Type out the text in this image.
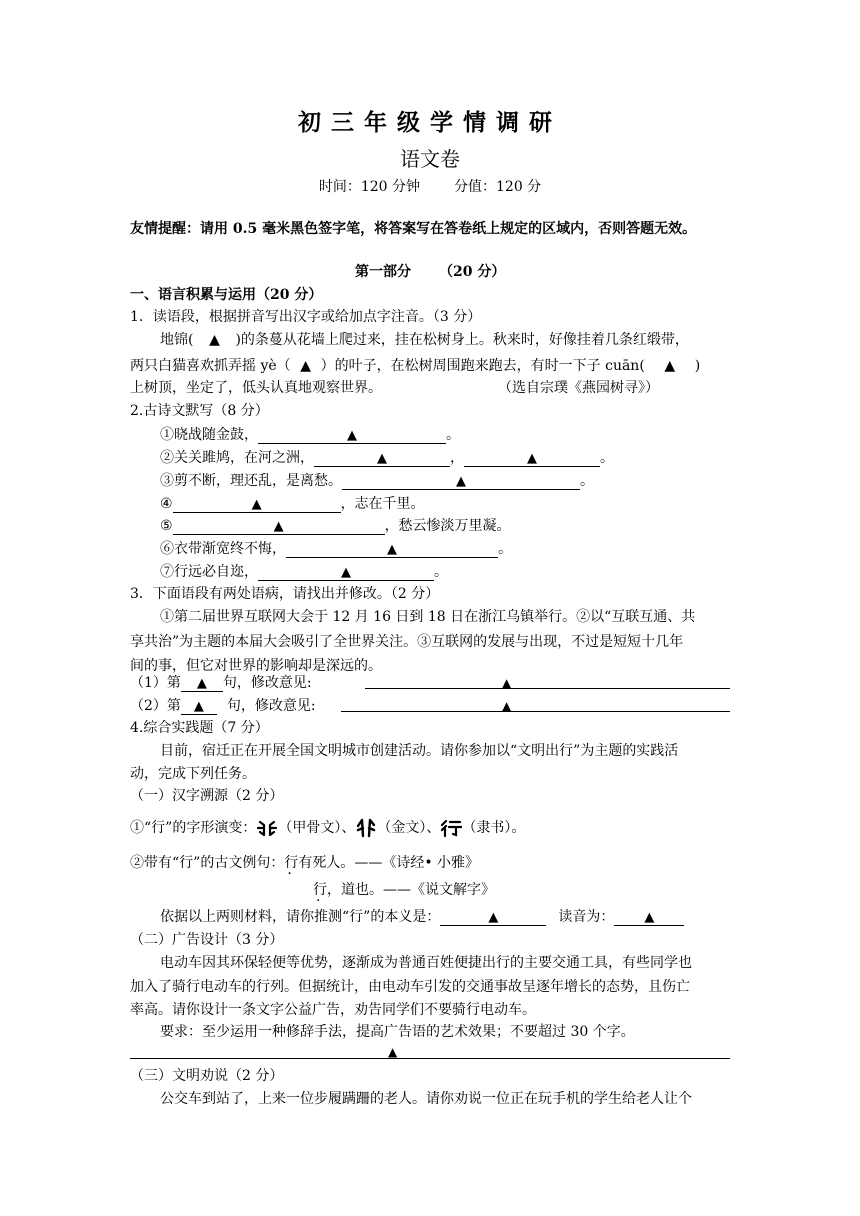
初三年级学情调研
语文卷
时间：120 分钟 分值：120 分
友情提醒：请用 0.5 毫米黑色签字笔，将答案写在答卷纸上规定的区域内，否则答题无效。
第一部分 （20 分）
一、语言积累与运用（20 分）
1．读语段，根据拼音写出汉字或给加点字注音。（3 分）
地锦( ▲ )的条蔓从花墙上爬过来，挂在松树身上。秋来时，好像挂着几条红缎带，
两只白猫喜欢抓弄摇 yè（ ▲ ）的叶子，在松树周围跑来跑去，有时一下子 cuān( ▲ )
上树顶，坐定了，低头认真地观察世界。	（选自宗璞《燕园树寻》）
2.古诗文默写（8 分）
①晓战随金鼓，	▲	。
②关关雎鸠，在河之洲，	▲	，	▲	。
③剪不断，理还乱，是离愁。	▲	。
④	▲	，志在千里。
⑤	▲	，愁云惨淡万里凝。
⑥衣带渐宽终不悔，	▲	。
⑦行远必自迩，	▲	。
3．下面语段有两处语病，请找出并修改。（2 分）
①第二届世界互联网大会于 12 月 16 日到 18 日在浙江乌镇举行。②以“互联互通、共
享共治”为主题的本届大会吸引了全世界关注。③互联网的发展与出现，不过是短短十几年
间的事，但它对世界的影响却是深远的。
（1）第 ▲ 句，修改意见:	▲
（2）第 ▲ 句，修改意见:	▲
4.综合实践题（7 分）
目前，宿迁正在开展全国文明城市创建活动。请你参加以“文明出行”为主题的实践活
动，完成下列任务。
（一）汉字溯源（2 分）
①“行”的字形演变： （甲骨文）、 （金文）、 （隶书）。
②带有“行”的古文例句：行有死人。——《诗经• 小雅》
行，道也。——《说文解字》
依据以上两则材料，请你推测“行”的本义是：	▲	读音为： ▲
（二）广告设计（3 分）
电动车因其环保轻便等优势，逐渐成为普通百姓便捷出行的主要交通工具，有些同学也
加入了骑行电动车的行列。但据统计，由电动车引发的交通事故呈逐年增长的态势，且伤亡
率高。请你设计一条文字公益广告，劝告同学们不要骑行电动车。
要求：至少运用一种修辞手法，提高广告语的艺术效果；不要超过 30 个字。
▲
（三）文明劝说（2 分）
公交车到站了，上来一位步履蹒跚的老人。请你劝说一位正在玩手机的学生给老人让个
